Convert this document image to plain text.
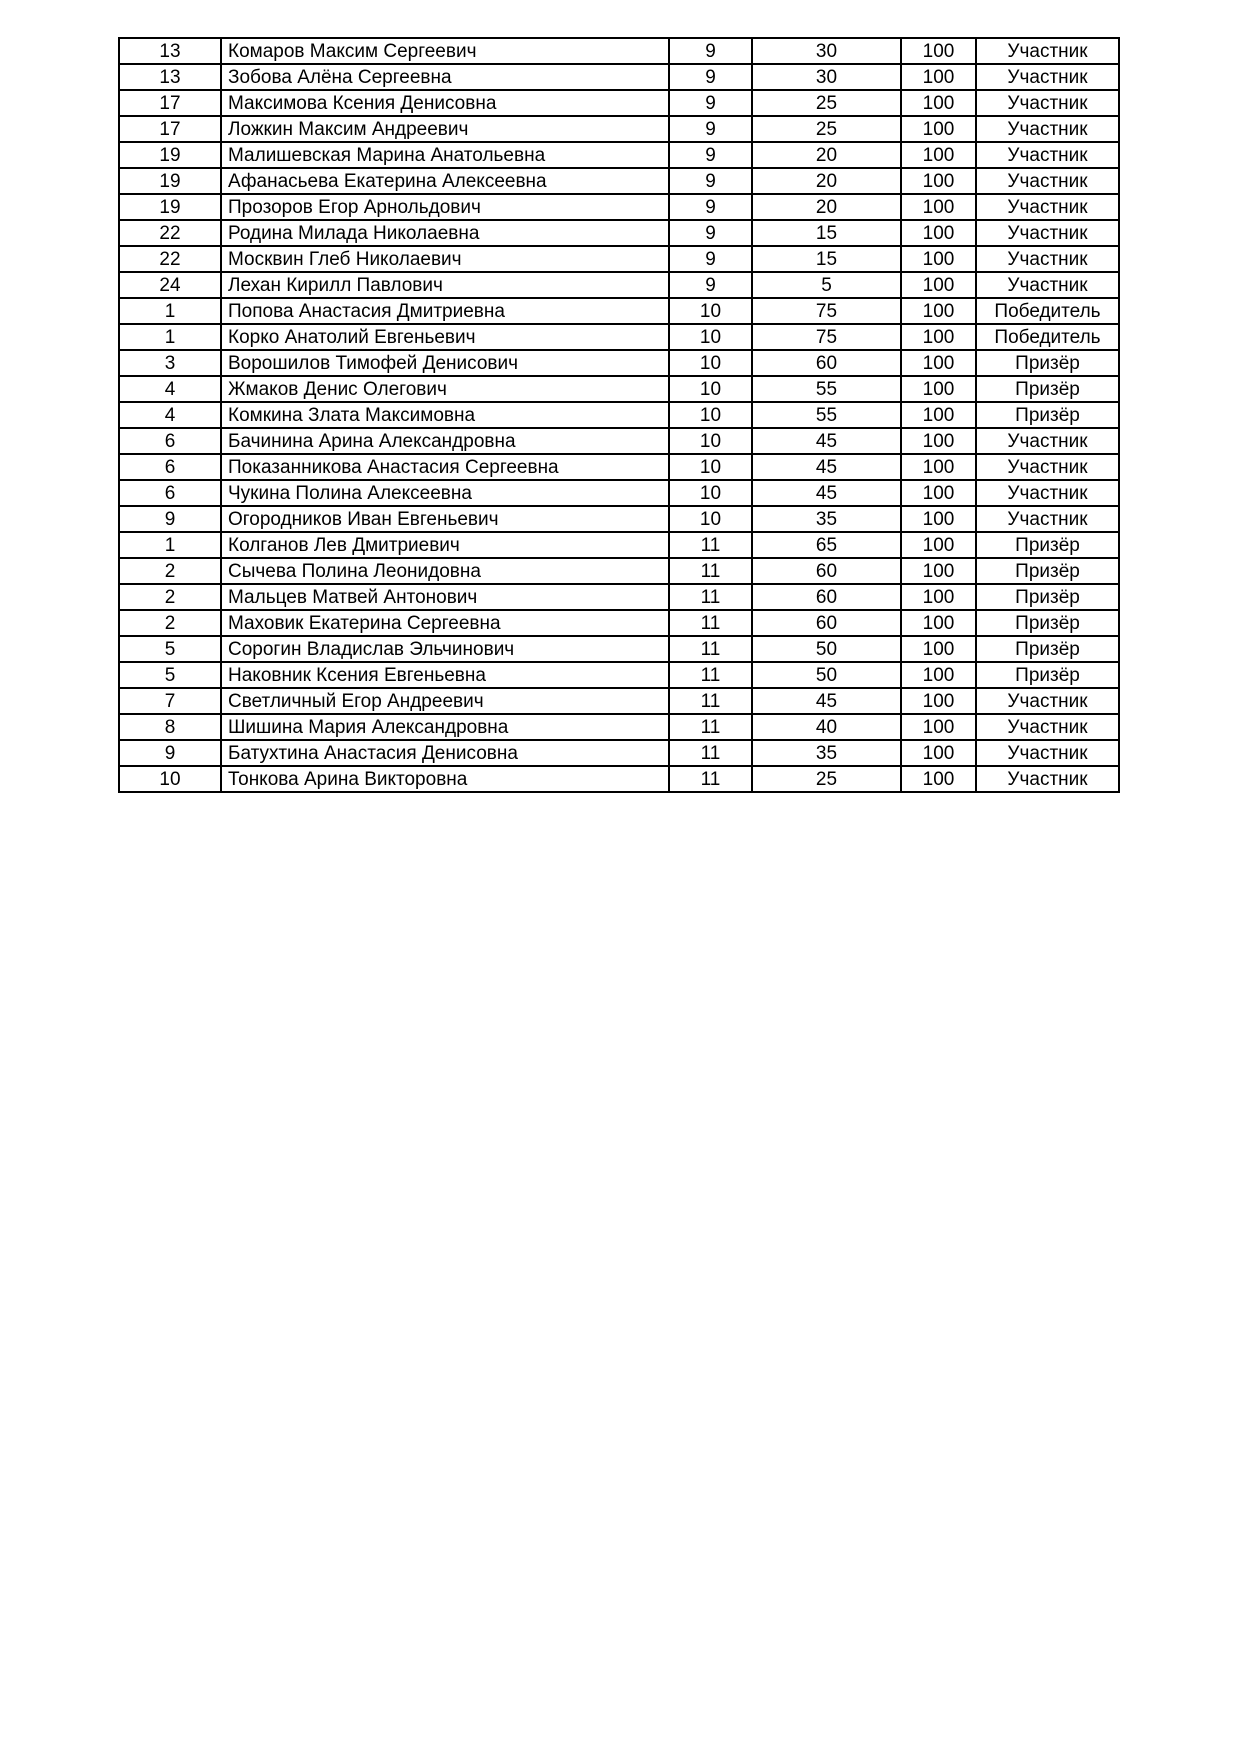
13	Комаров Максим Сергеевич	9	30	100	Участник
13	Зобова Алёна Сергеевна	9	30	100	Участник
17	Максимова Ксения Денисовна	9	25	100	Участник
17	Ложкин Максим Андреевич	9	25	100	Участник
19	Малишевская Марина Анатольевна	9	20	100	Участник
19	Афанасьева Екатерина Алексеевна	9	20	100	Участник
19	Прозоров Егор Арнольдович	9	20	100	Участник
22	Родина Милада Николаевна	9	15	100	Участник
22	Москвин Глеб Николаевич	9	15	100	Участник
24	Лехан Кирилл Павлович	9	5	100	Участник
1	Попова Анастасия Дмитриевна	10	75	100	Победитель
1	Корко Анатолий Евгеньевич	10	75	100	Победитель
3	Ворошилов Тимофей Денисович	10	60	100	Призёр
4	Жмаков Денис Олегович	10	55	100	Призёр
4	Комкина Злата Максимовна	10	55	100	Призёр
6	Бачинина Арина Александровна	10	45	100	Участник
6	Показанникова Анастасия Сергеевна	10	45	100	Участник
6	Чукина Полина Алексеевна	10	45	100	Участник
9	Огородников Иван Евгеньевич	10	35	100	Участник
1	Колганов Лев Дмитриевич	11	65	100	Призёр
2	Сычева Полина Леонидовна	11	60	100	Призёр
2	Мальцев Матвей Антонович	11	60	100	Призёр
2	Маховик Екатерина Сергеевна	11	60	100	Призёр
5	Сорогин Владислав Эльчинович	11	50	100	Призёр
5	Наковник Ксения Евгеньевна	11	50	100	Призёр
7	Светличный Егор Андреевич	11	45	100	Участник
8	Шишина Мария Александровна	11	40	100	Участник
9	Батухтина Анастасия Денисовна	11	35	100	Участник
10	Тонкова Арина Викторовна	11	25	100	Участник
